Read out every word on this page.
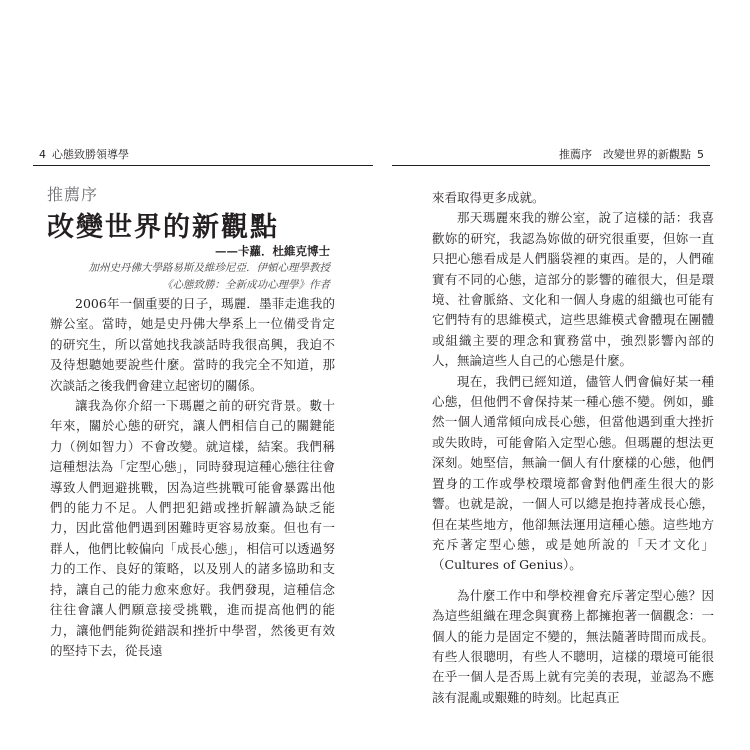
4 心態致勝領導學
推薦序
改變世界的新觀點
——卡蘿．杜維克博士
加州史丹佛大學路易斯及維珍尼亞．伊頓心理學教授
《心態致勝：全新成功心理學》作者

2006年一個重要的日子，瑪麗．墨菲走進我的辦公室。當時，她是史丹佛大學系上一位備受肯定的研究生，所以當她找我談話時我很高興，我迫不及待想聽她要說些什麼。當時的我完全不知道，那次談話之後我們會建立起密切的關係。

讓我為你介紹一下瑪麗之前的研究背景。數十年來，關於心態的研究，讓人們相信自己的關鍵能力（例如智力）不會改變。就這樣，結案。我們稱這種想法為「定型心態」，同時發現這種心態往往會導致人們迴避挑戰，因為這些挑戰可能會暴露出他們的能力不足。人們把犯錯或挫折解讀為缺乏能力，因此當他們遇到困難時更容易放棄。但也有一群人，他們比較偏向「成長心態」，相信可以透過努力的工作、良好的策略，以及別人的諸多協助和支持，讓自己的能力愈來愈好。我們發現，這種信念往往會讓人們願意接受挑戰，進而提高他們的能力，讓他們能夠從錯誤和挫折中學習，然後更有效的堅持下去，從長遠

推薦序　改變世界的新觀點 5

來看取得更多成就。

那天瑪麗來我的辦公室，說了這樣的話：我喜歡妳的研究，我認為妳做的研究很重要，但妳一直只把心態看成是人們腦袋裡的東西。是的，人們確實有不同的心態，這部分的影響的確很大，但是環境、社會脈絡、文化和一個人身處的組織也可能有它們特有的思維模式，這些思維模式會體現在團體或組織主要的理念和實務當中，強烈影響內部的人，無論這些人自己的心態是什麼。

現在，我們已經知道，儘管人們會偏好某一種心態，但他們不會保持某一種心態不變。例如，雖然一個人通常傾向成長心態，但當他遇到重大挫折或失敗時，可能會陷入定型心態。但瑪麗的想法更深刻。她堅信，無論一個人有什麼樣的心態，他們置身的工作或學校環境都會對他們產生很大的影響。也就是說，一個人可以總是抱持著成長心態，但在某些地方，他卻無法運用這種心態。這些地方充斥著定型心態，或是她所說的「天才文化」（Cultures of Genius）。

為什麼工作中和學校裡會充斥著定型心態？因為這些組織在理念與實務上都擁抱著一個觀念：一個人的能力是固定不變的，無法隨著時間而成長。有些人很聰明，有些人不聰明，這樣的環境可能很在乎一個人是否馬上就有完美的表現，並認為不應該有混亂或艱難的時刻。比起真正
